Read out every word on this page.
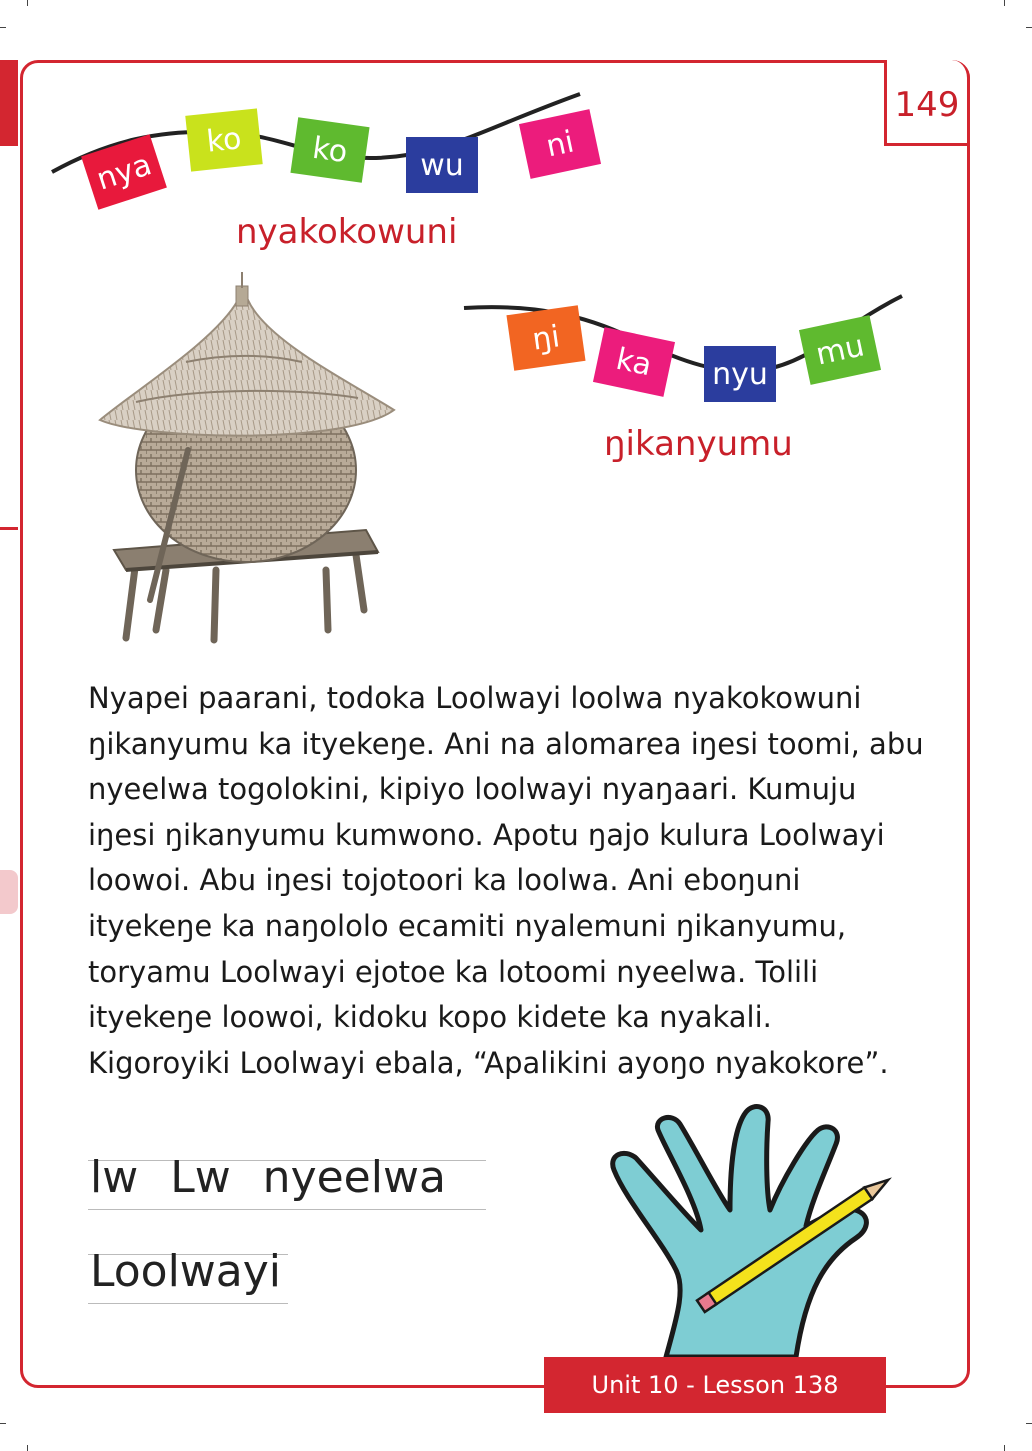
149
nya
ko ko wu
ni
nyakokowuni
ŋi
ka nyu
mu
ŋikanyumu

Nyapei paarani, todoka Loolwayi loolwa nyakokowuni

ŋikanyumu ka ityekeŋe. Ani na alomarea iŋesi toomi, abu

nyeelwa togolokini, kipiyo loolwayi nyaŋaari. Kumuju

iŋesi ŋikanyumu kumwono. Apotu ŋajo kulura Loolwayi

loowoi. Abu iŋesi tojotoori ka loolwa. Ani eboŋuni

ityekeŋe ka naŋololo ecamiti nyalemuni ŋikanyumu,

toryamu Loolwayi ejotoe ka lotoomi nyeelwa. Tolili

ityekeŋe loowoi, kidoku kopo kidete ka nyakali.

Kigoroyiki Loolwayi ebala, “Apalikini ayoŋo nyakokore”.

lw Lw nyeelwa
Loolwayi
Unit 10 - Lesson 138
